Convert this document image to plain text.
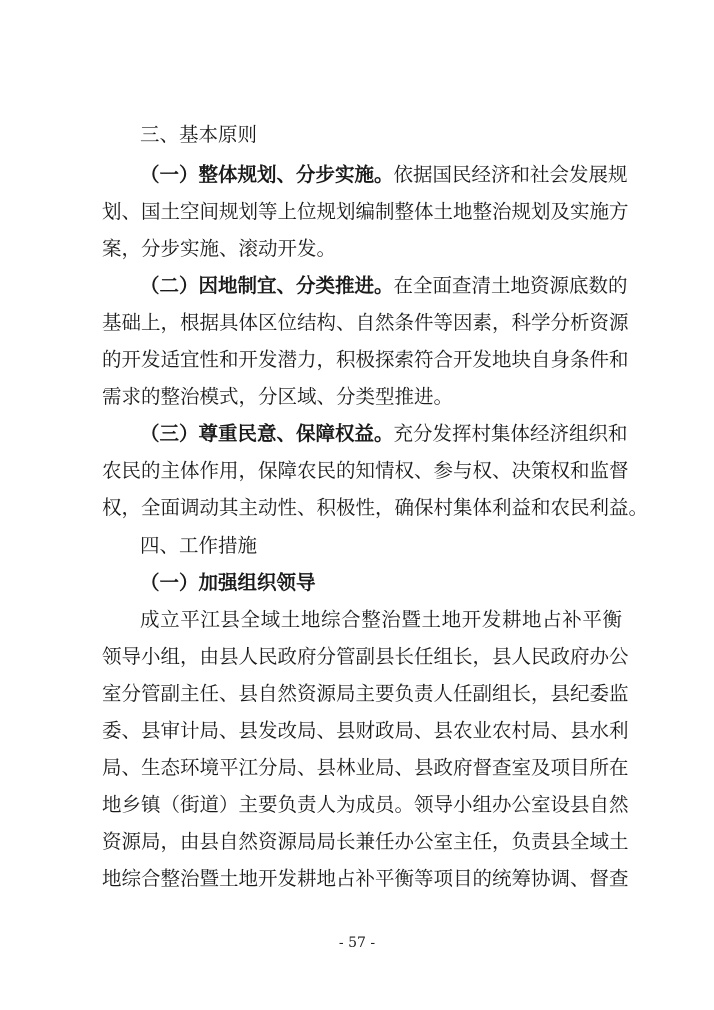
三、基本原则
（一）整体规划、分步实施。依据国民经济和社会发展规
划、国土空间规划等上位规划编制整体土地整治规划及实施方
案，分步实施、滚动开发。
（二）因地制宜、分类推进。在全面查清土地资源底数的
基础上，根据具体区位结构、自然条件等因素，科学分析资源
的开发适宜性和开发潜力，积极探索符合开发地块自身条件和
需求的整治模式，分区域、分类型推进。
（三）尊重民意、保障权益。充分发挥村集体经济组织和
农民的主体作用，保障农民的知情权、参与权、决策权和监督
权，全面调动其主动性、积极性，确保村集体利益和农民利益。
四、工作措施
（一）加强组织领导
成立平江县全域土地综合整治暨土地开发耕地占补平衡
领导小组，由县人民政府分管副县长任组长，县人民政府办公
室分管副主任、县自然资源局主要负责人任副组长，县纪委监
委、县审计局、县发改局、县财政局、县农业农村局、县水利
局、生态环境平江分局、县林业局、县政府督查室及项目所在
地乡镇（街道）主要负责人为成员。领导小组办公室设县自然
资源局，由县自然资源局局长兼任办公室主任，负责县全域土
地综合整治暨土地开发耕地占补平衡等项目的统筹协调、督查
- 57 -
